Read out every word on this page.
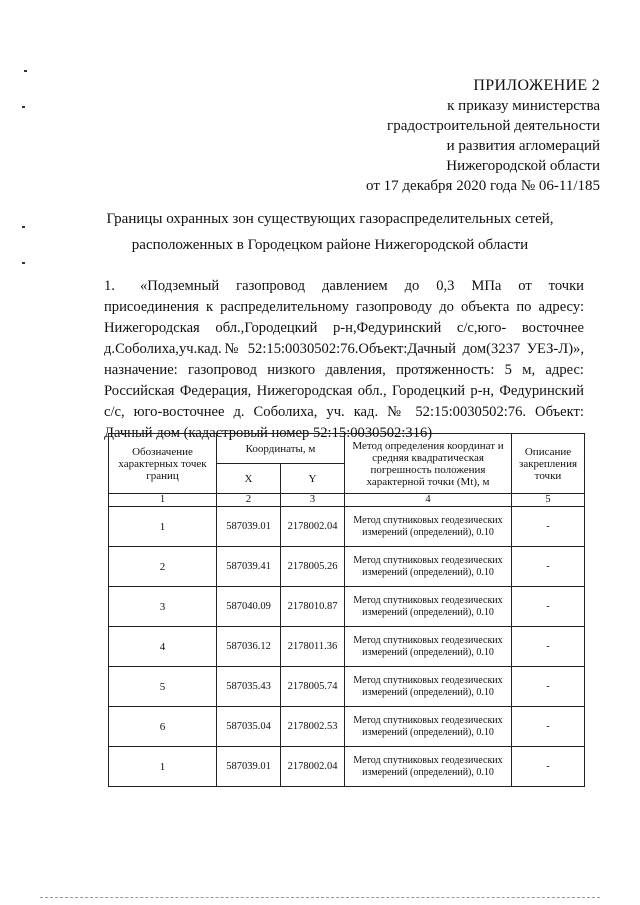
ПРИЛОЖЕНИЕ 2
к приказу министерства
градостроительной деятельности
и развития агломераций
Нижегородской области
от 17 декабря 2020 года № 06-11/185
Границы охранных зон существующих газораспределительных сетей,
расположенных в Городецком районе Нижегородской области
1. «Подземный газопровод давлением до 0,3 МПа от точки присоединения к распределительному газопроводу до объекта по адресу: Нижегородская обл.,Городецкий р-н,Федуринский с/с,юго- восточнее д.Соболиха,уч.кад.№ 52:15:0030502:76.Объект:Дачный дом(3237 УЕЗ-Л)», назначение: газопровод низкого давления, протяженность: 5 м, адрес: Российская Федерация, Нижегородская обл., Городецкий р-н, Федуринский с/с, юго-восточнее д. Соболиха, уч. кад. № 52:15:0030502:76. Объект: Дачный дом (кадастровый номер 52:15:0030502:316)
Обозначение характерных точек границ	Координаты, м		Метод определения координат и средняя квадратическая погрешность положения характерной точки (Mt), м	Описание закрепления точки
	X	Y		
1	2	3	4	5
1	587039.01	2178002.04	Метод спутниковых геодезических измерений (определений), 0.10	-
2	587039.41	2178005.26	Метод спутниковых геодезических измерений (определений), 0.10	-
3	587040.09	2178010.87	Метод спутниковых геодезических измерений (определений), 0.10	-
4	587036.12	2178011.36	Метод спутниковых геодезических измерений (определений), 0.10	-
5	587035.43	2178005.74	Метод спутниковых геодезических измерений (определений), 0.10	-
6	587035.04	2178002.53	Метод спутниковых геодезических измерений (определений), 0.10	-
1	587039.01	2178002.04	Метод спутниковых геодезических измерений (определений), 0.10	-
